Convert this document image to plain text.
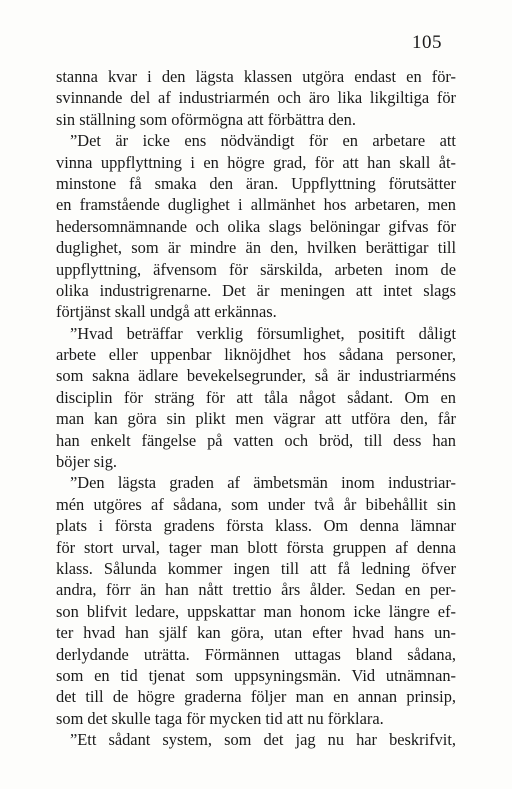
105
stanna kvar i den lägsta klassen utgöra endast en för-
svinnande del af industriarmén och äro lika likgiltiga för
sin ställning som oförmögna att förbättra den.
”Det är icke ens nödvändigt för en arbetare att
vinna uppflyttning i en högre grad, för att han skall åt-
minstone få smaka den äran. Uppflyttning förutsätter
en framstående duglighet i allmänhet hos arbetaren, men
hedersomnämnande och olika slags belöningar gifvas för
duglighet, som är mindre än den, hvilken berättigar till
uppflyttning, äfvensom för särskilda, arbeten inom de
olika industrigrenarne. Det är meningen att intet slags
förtjänst skall undgå att erkännas.
”Hvad beträffar verklig försumlighet, positift dåligt
arbete eller uppenbar liknöjdhet hos sådana personer,
som sakna ädlare bevekelsegrunder, så är industriarméns
disciplin för sträng för att tåla något sådant. Om en
man kan göra sin plikt men vägrar att utföra den, får
han enkelt fängelse på vatten och bröd, till dess han
böjer sig.
”Den lägsta graden af ämbetsmän inom industriar-
mén utgöres af sådana, som under två år bibehållit sin
plats i första gradens första klass. Om denna lämnar
för stort urval, tager man blott första gruppen af denna
klass. Sålunda kommer ingen till att få ledning öfver
andra, förr än han nått trettio års ålder. Sedan en per-
son blifvit ledare, uppskattar man honom icke längre ef-
ter hvad han själf kan göra, utan efter hvad hans un-
derlydande uträtta. Förmännen uttagas bland sådana,
som en tid tjenat som uppsyningsmän. Vid utnämnan-
det till de högre graderna följer man en annan prinsip,
som det skulle taga för mycken tid att nu förklara.
”Ett sådant system, som det jag nu har beskrifvit,
